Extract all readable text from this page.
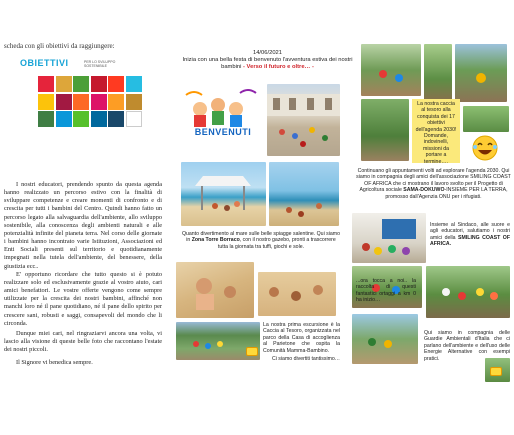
scheda con gli obiettivi da raggiungere:
OBIETTIVI	PER LO SVILUPPO SOSTENIBILE

I nostri educatori, prendendo spunto da questa agenda hanno realizzato un percorso estivo con la finalità di sviluppare competenze e creare momenti di confronto e di crescita per tutti i bambini del Centro. Quindi hanno fatto un percorso legato alla salvaguardia dell'ambiente, allo sviluppo sostenibile, alla conoscenza degli ambienti naturali e alle potenzialità infinite del pianeta terra. Nel corso delle giornate i bambini hanno incontrato varie Istituzioni, Associazioni ed Enti Sociali presenti sul territorio e quotidianamente impegnati nella tutela dell'ambiente, del benessere, della giustizia ecc..

E' opportuno ricordare che tutto questo si è potuto realizzare solo ed esclusivamente grazie al vostro aiuto, cari amici benefattori. Le vostre offerte vengono come sempre utilizzate per la crescita dei nostri bambini, affinché non manchi loro né il pane quotidiano, né il pane dello spirito per crescere sani, robusti e saggi, consapevoli del mondo che li circonda.

Dunque miei cari, nel ringraziarvi ancora una volta, vi lascio alla visione di queste belle foto che raccontano l'estate dei nostri piccoli.

Il Signore vi benedica sempre.

14/06/2021
Inizia con una bella festa di benvenuto l'avventura estiva dei nostri bambini - Verso il futuro e oltre… -
BENVENUTI
Quanto divertimento al mare sulle belle spiagge salentine. Qui siamo in Zona Torre Borraco, con il nostro gazebo, pronti a trascorrere tutta la giornata tra tuffi, giochi e sole.
La nostra prima escursione è la Caccia al Tesoro, organizzata nel parco della Casa di accoglienza al Parietone che ospita la Comunità Mamma-Bambino.
Ci siamo divertiti tantissimo…
La nostra caccia al tesoro alla conquista dei 17 obiettivi dell'agenda 2030! Domande, indovinelli, missioni da portare a termine….
Continuano gli appuntamenti volti ad esplorare l'agenda 2030. Qui siamo in compagnia degli amici dell'associazione SMILING COAST OF AFRICA che ci mostrano il lavoro svolto per il Progetto di Agricoltura sociale SAMA-DOKUWO-INSIEME PER LA TERRA, promosso dall'Agenzia ONU per i rifugiati.
Insieme al Sindaco, alle suore e agli educatori, salutiamo i nostri amici della SMILING COAST OF AFRICA.
...ora tocca a noi.. la raccolta di questi fantastici ortaggi a km 0 ha inizio…
Qui siamo in compagnia delle Guardie Ambientali d'Italia che ci parlano dell'ambiente e dell'uso delle Energie Alternative con esempi pratici.
